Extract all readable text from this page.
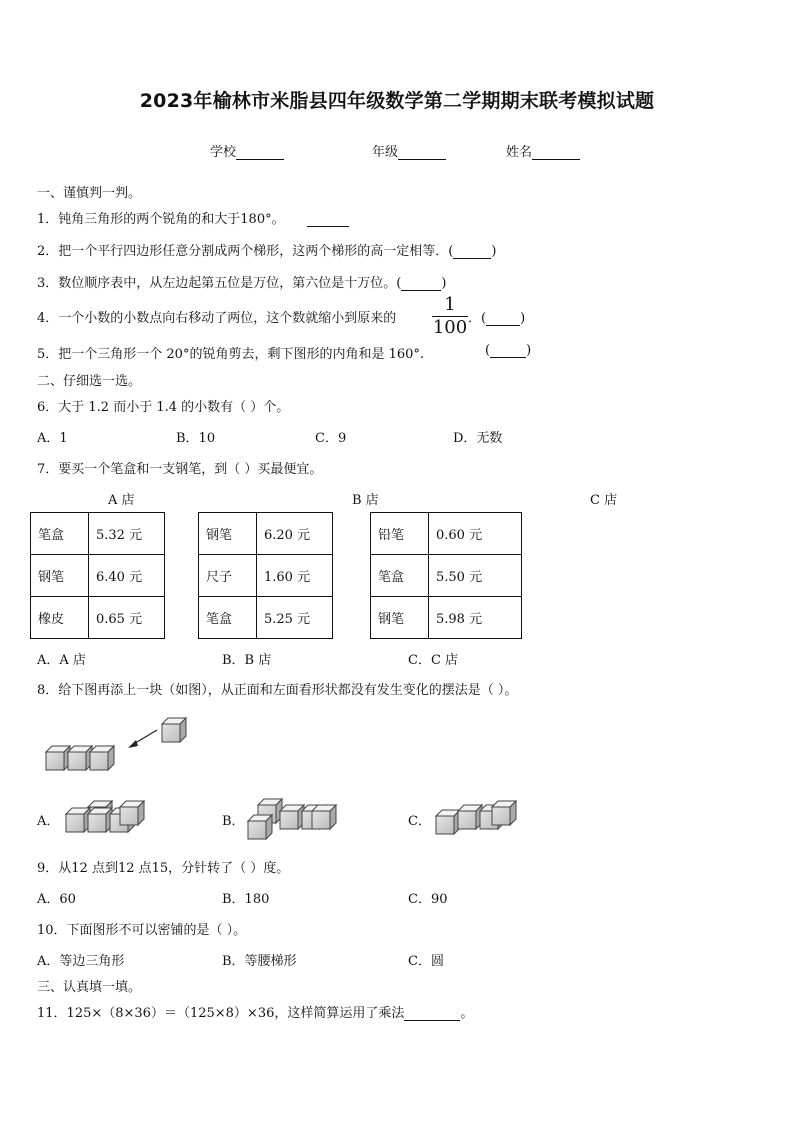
2023年榆林市米脂县四年级数学第二学期期末联考模拟试题
学校	年级	姓名
一、谨慎判一判。
1．钝角三角形的两个锐角的和大于180°。
2．把一个平行四边形任意分割成两个梯形，这两个梯形的高一定相等．(	)
3．数位顺序表中，从左边起第五位是万位，第六位是十万位。(	)
4．一个小数的小数点向右移动了两位，这个数就缩小到原来的
1
100 ．(	)
5．把一个三角形一个 20°的锐角剪去，剩下图形的内角和是 160°.	(	)
二、仔细选一选。
6．大于 1.2 而小于 1.4 的小数有（ ）个。
A．1	B．10	C．9	D．无数
7．要买一个笔盒和一支钢笔，到（ ）买最便宜。
A 店	B 店	C 店
笔盒	5.32 元
钢笔	6.40 元
橡皮	0.65 元
钢笔	6.20 元
尺子	1.60 元
笔盒	5.25 元
铅笔	0.60 元
笔盒	5.50 元
钢笔	5.98 元
A．A 店	B．B 店	C．C 店
8．给下图再添上一块（如图），从正面和左面看形状都没有发生变化的摆法是（ ）。
A．	B．	C．
9．从12 点到12 点15，分针转了（ ）度。
A．60	B．180	C．90
10．下面图形不可以密铺的是（ ）。
A．等边三角形	B．等腰梯形	C．圆
三、认真填一填。
11．125×（8×36）＝（125×8）×36，这样简算运用了乘法	。
